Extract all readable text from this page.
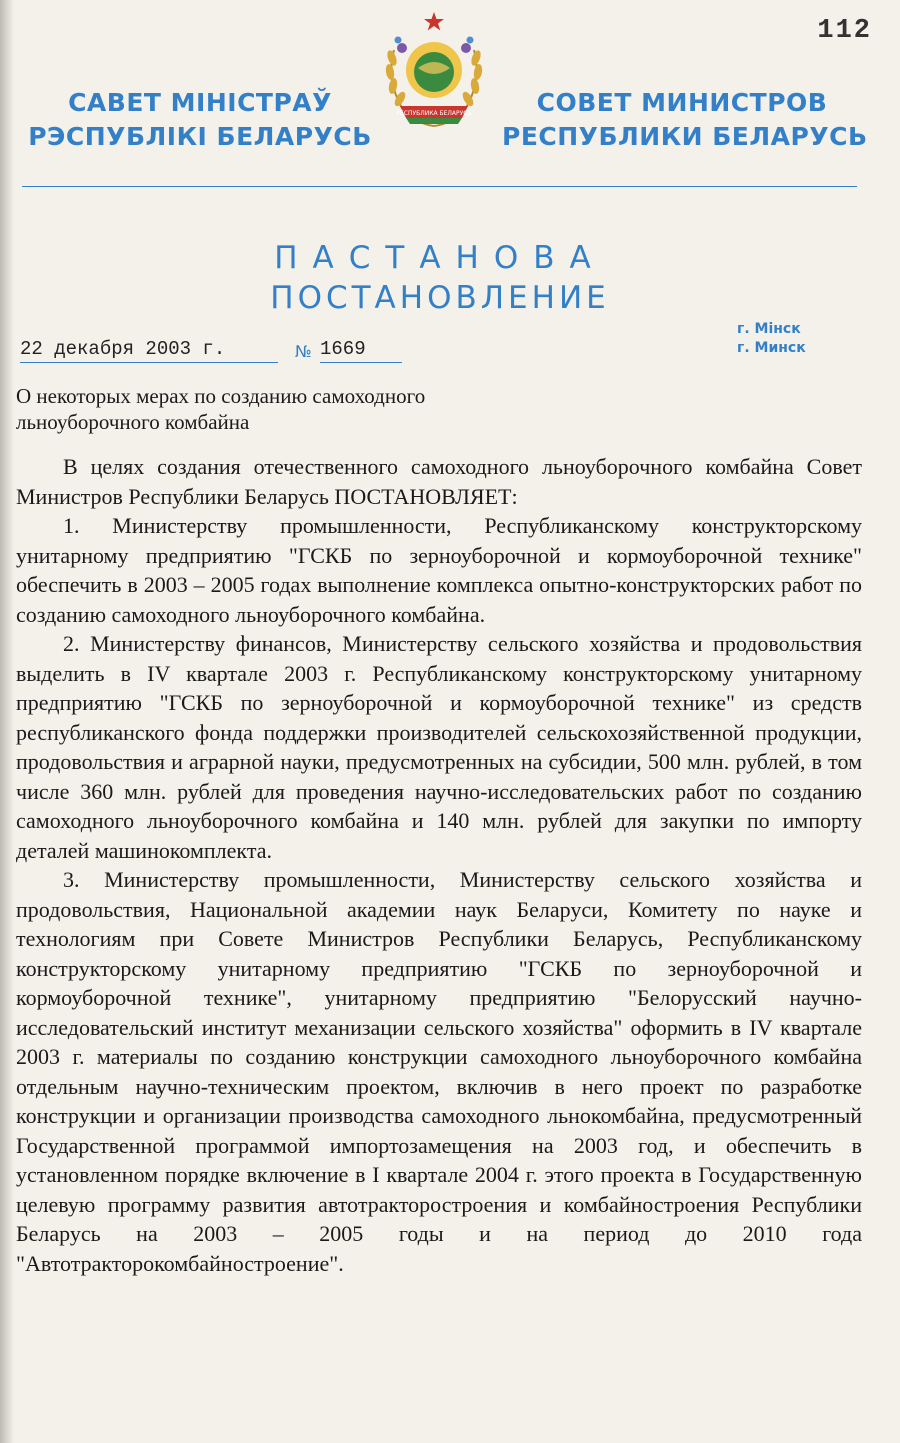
112
САВЕТ МІНІСТРАЎ
РЭСПУБЛІКІ БЕЛАРУСЬ
РЕСПУБЛИКА БЕЛАРУСЬ	СОВЕТ МИНИСТРОВ
РЕСПУБЛИКИ БЕЛАРУСЬ
ПАСТАНОВА
ПОСТАНОВЛЕНИЕ
г. Мінск
г. Минск
22 декабря 2003 г.	№ 1669
О некоторых мерах по созданию самоходного
льноуборочного комбайна

В целях создания отечественного самоходного льноуборочного комбайна Совет Министров Республики Беларусь ПОСТАНОВЛЯЕТ:

1. Министерству промышленности, Республиканскому конструкторскому унитарному предприятию "ГСКБ по зерноуборочной и кормоуборочной технике" обеспечить в 2003 – 2005 годах выполнение комплекса опытно-конструкторских работ по созданию самоходного льноуборочного комбайна.

2. Министерству финансов, Министерству сельского хозяйства и продовольствия выделить в IV квартале 2003 г. Республиканскому конструкторскому унитарному предприятию "ГСКБ по зерноуборочной и кормоуборочной технике" из средств республиканского фонда поддержки производителей сельскохозяйственной продукции, продовольствия и аграрной науки, предусмотренных на субсидии, 500 млн. рублей, в том числе 360 млн. рублей для проведения научно-исследовательских работ по созданию самоходного льноуборочного комбайна и 140 млн. рублей для закупки по импорту деталей машинокомплекта.

3. Министерству промышленности, Министерству сельского хозяйства и продовольствия, Национальной академии наук Беларуси, Комитету по науке и технологиям при Совете Министров Республики Беларусь, Республиканскому конструкторскому унитарному предприятию "ГСКБ по зерноуборочной и кормоуборочной технике", унитарному предприятию "Белорусский научно-исследовательский институт механизации сельского хозяйства" оформить в IV квартале 2003 г. материалы по созданию конструкции самоходного льноуборочного комбайна отдельным научно-техническим проектом, включив в него проект по разработке конструкции и организации производства самоходного льнокомбайна, предусмотренный Государственной программой импортозамещения на 2003 год, и обеспечить в установленном порядке включение в I квартале 2004 г. этого проекта в Государственную целевую программу развития автотракторостроения и комбайностроения Республики Беларусь на 2003 – 2005 годы и на период до 2010 года "Автотракторокомбайностроение".
